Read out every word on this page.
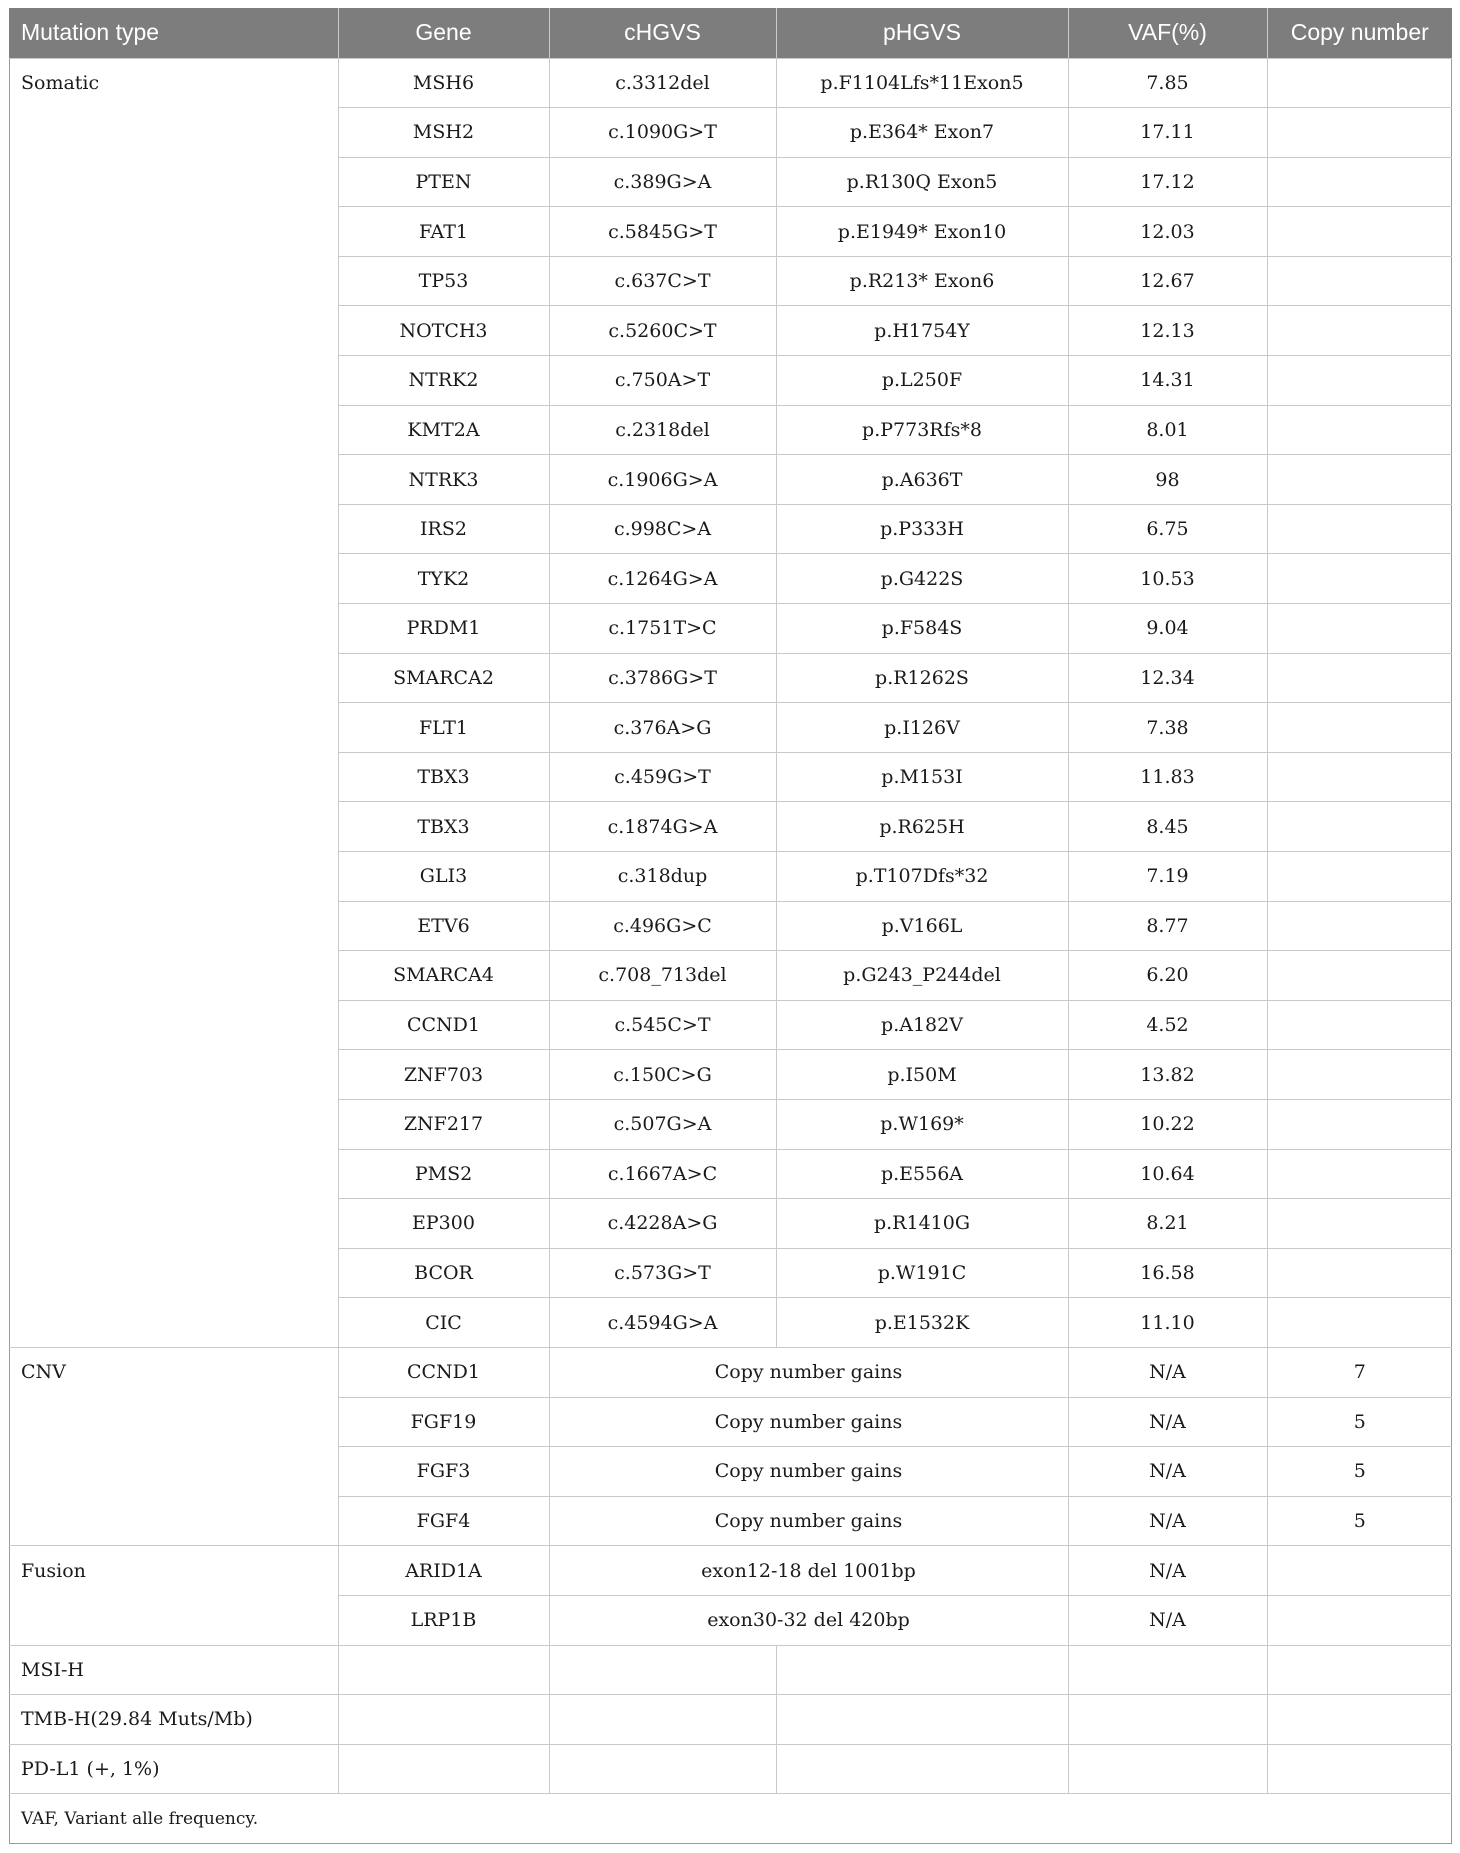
Mutation type	Gene	cHGVS	pHGVS	VAF(%)	Copy number
Somatic	MSH6	c.3312del	p.F1104Lfs*11Exon5	7.85	
	MSH2	c.1090G>T	p.E364* Exon7	17.11	
	PTEN	c.389G>A	p.R130Q Exon5	17.12	
	FAT1	c.5845G>T	p.E1949* Exon10	12.03	
	TP53	c.637C>T	p.R213* Exon6	12.67	
	NOTCH3	c.5260C>T	p.H1754Y	12.13	
	NTRK2	c.750A>T	p.L250F	14.31	
	KMT2A	c.2318del	p.P773Rfs*8	8.01	
	NTRK3	c.1906G>A	p.A636T	98	
	IRS2	c.998C>A	p.P333H	6.75	
	TYK2	c.1264G>A	p.G422S	10.53	
	PRDM1	c.1751T>C	p.F584S	9.04	
	SMARCA2	c.3786G>T	p.R1262S	12.34	
	FLT1	c.376A>G	p.I126V	7.38	
	TBX3	c.459G>T	p.M153I	11.83	
	TBX3	c.1874G>A	p.R625H	8.45	
	GLI3	c.318dup	p.T107Dfs*32	7.19	
	ETV6	c.496G>C	p.V166L	8.77	
	SMARCA4	c.708_713del	p.G243_P244del	6.20	
	CCND1	c.545C>T	p.A182V	4.52	
	ZNF703	c.150C>G	p.I50M	13.82	
	ZNF217	c.507G>A	p.W169*	10.22	
	PMS2	c.1667A>C	p.E556A	10.64	
	EP300	c.4228A>G	p.R1410G	8.21	
	BCOR	c.573G>T	p.W191C	16.58	
	CIC	c.4594G>A	p.E1532K	11.10	
CNV	CCND1	Copy number gains		N/A	7
	FGF19	Copy number gains		N/A	5
	FGF3	Copy number gains		N/A	5
	FGF4	Copy number gains		N/A	5
Fusion	ARID1A	exon12-18 del 1001bp		N/A	
	LRP1B	exon30-32 del 420bp		N/A	
MSI-H					
TMB-H(29.84 Muts/Mb)					
PD-L1 (+, 1%)					
VAF, Variant alle frequency.					
